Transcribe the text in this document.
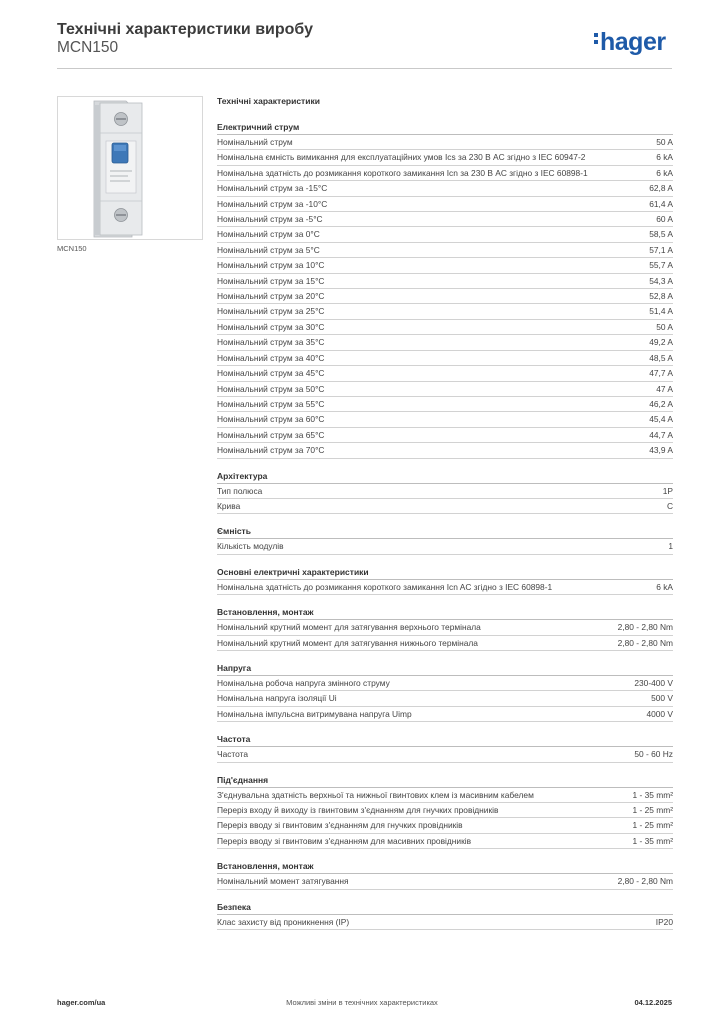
Технічні характеристики виробу
MCN150	hager
MCN150
Технічні характеристики
Електричний струм
Номінальний струм	50 A
Номінальна ємність вимикання для експлуатаційних умов Ics за 230 В AC згідно з IEC 60947-2	6 kA
Номінальна здатність до розмикання короткого замикання Icn за 230 В AC згідно з IEC 60898-1	6 kA
Номінальний струм за -15°C	62,8 A
Номінальний струм за -10°C	61,4 A
Номінальний струм за -5°C	60 A
Номінальний струм за 0°C	58,5 A
Номінальний струм за 5°C	57,1 A
Номінальний струм за 10°C	55,7 A
Номінальний струм за 15°C	54,3 A
Номінальний струм за 20°C	52,8 A
Номінальний струм за 25°C	51,4 A
Номінальний струм за 30°C	50 A
Номінальний струм за 35°C	49,2 A
Номінальний струм за 40°C	48,5 A
Номінальний струм за 45°C	47,7 A
Номінальний струм за 50°C	47 A
Номінальний струм за 55°C	46,2 A
Номінальний струм за 60°C	45,4 A
Номінальний струм за 65°C	44,7 A
Номінальний струм за 70°C	43,9 A
Архітектура
Тип полюса	1P
Крива	C
Ємність
Кількість модулів	1
Основні електричні характеристики
Номінальна здатність до розмикання короткого замикання Icn AC згідно з IEC 60898-1	6 kA
Встановлення, монтаж
Номінальний крутний момент для затягування верхнього термінала	2,80 - 2,80 Nm
Номінальний крутний момент для затягування нижнього термінала	2,80 - 2,80 Nm
Напруга
Номінальна робоча напруга змінного струму	230-400 V
Номінальна напруга ізоляції Ui	500 V
Номінальна імпульсна витримувана напруга Uimp	4000 V
Частота
Частота	50 - 60 Hz
Під'єднання
З'єднувальна здатність верхньої та нижньої гвинтових клем із масивним кабелем	1 - 35 mm²
Переріз входу й виходу із гвинтовим з'єднанням для гнучких провідників	1 - 25 mm²
Переріз вводу зі гвинтовим з'єднанням для гнучких провідників	1 - 25 mm²
Переріз вводу зі гвинтовим з'єднанням для масивних провідників	1 - 35 mm²
Встановлення, монтаж
Номінальний момент затягування	2,80 - 2,80 Nm
Безпека
Клас захисту від проникнення (IP)	IP20
hager.com/ua	Можливі зміни в технічних характеристиках	04.12.2025
